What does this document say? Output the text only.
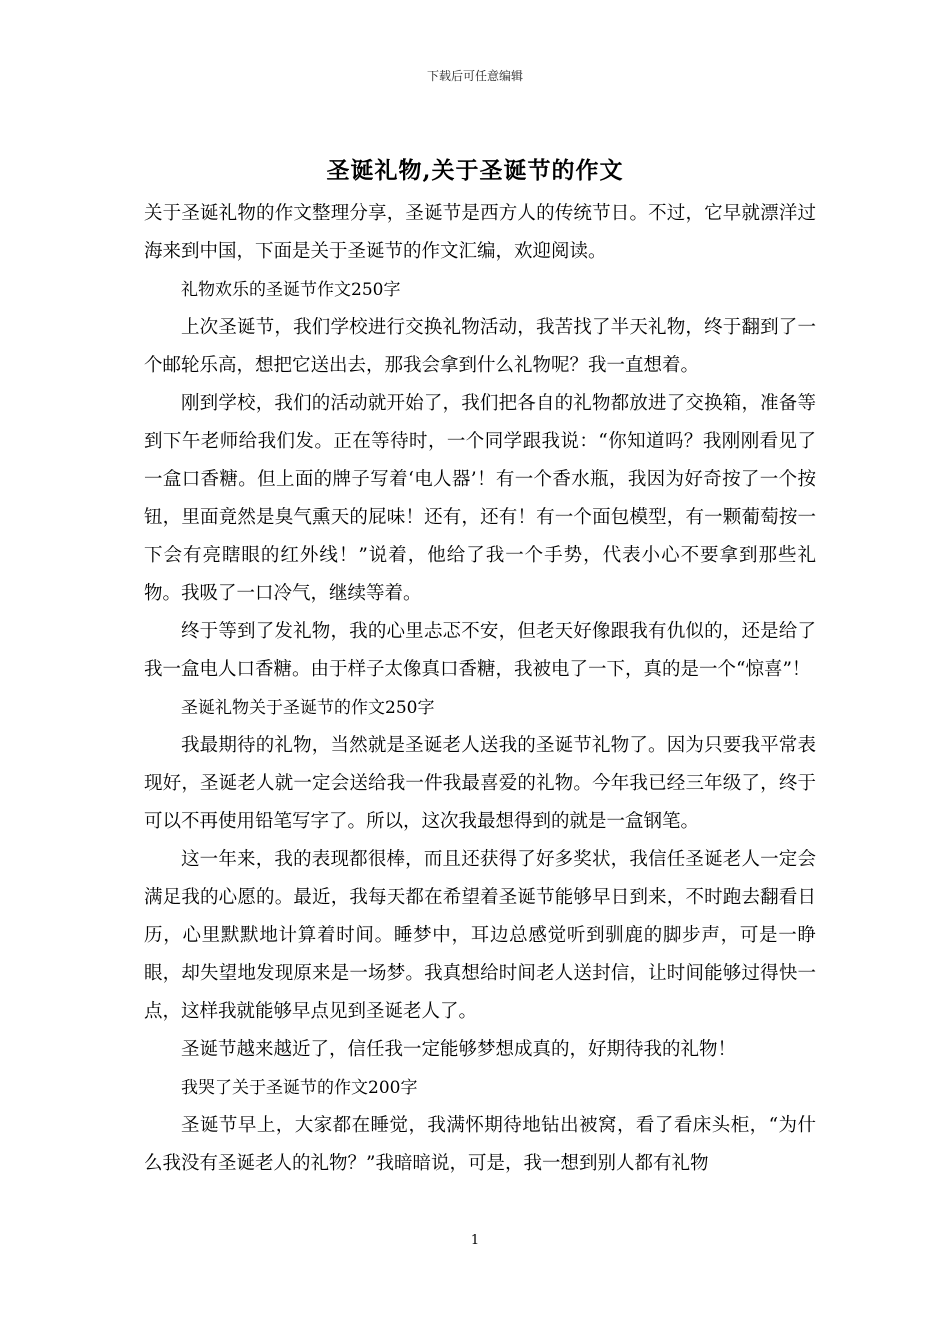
下载后可任意编辑
圣诞礼物,关于圣诞节的作文

关于圣诞礼物的作文整理分享，圣诞节是西方人的传统节日。不过，它早就漂洋过海来到中国，下面是关于圣诞节的作文汇编，欢迎阅读。

礼物欢乐的圣诞节作文250字

上次圣诞节，我们学校进行交换礼物活动，我苦找了半天礼物，终于翻到了一个邮轮乐高，想把它送出去，那我会拿到什么礼物呢？我一直想着。

刚到学校，我们的活动就开始了，我们把各自的礼物都放进了交换箱，准备等到下午老师给我们发。正在等待时，一个同学跟我说：“你知道吗？我刚刚看见了一盒口香糖。但上面的牌子写着‘电人器’！有一个香水瓶，我因为好奇按了一个按钮，里面竟然是臭气熏天的屁味！还有，还有！有一个面包模型，有一颗葡萄按一下会有亮瞎眼的红外线！”说着，他给了我一个手势，代表小心不要拿到那些礼物。我吸了一口冷气，继续等着。

终于等到了发礼物，我的心里忐忑不安，但老天好像跟我有仇似的，还是给了我一盒电人口香糖。由于样子太像真口香糖，我被电了一下，真的是一个“惊喜”！

圣诞礼物关于圣诞节的作文250字

我最期待的礼物，当然就是圣诞老人送我的圣诞节礼物了。因为只要我平常表现好，圣诞老人就一定会送给我一件我最喜爱的礼物。今年我已经三年级了，终于可以不再使用铅笔写字了。所以，这次我最想得到的就是一盒钢笔。

这一年来，我的表现都很棒，而且还获得了好多奖状，我信任圣诞老人一定会满足我的心愿的。最近，我每天都在希望着圣诞节能够早日到来，不时跑去翻看日历，心里默默地计算着时间。睡梦中，耳边总感觉听到驯鹿的脚步声，可是一睁眼，却失望地发现原来是一场梦。我真想给时间老人送封信，让时间能够过得快一点，这样我就能够早点见到圣诞老人了。

圣诞节越来越近了，信任我一定能够梦想成真的，好期待我的礼物！

我哭了关于圣诞节的作文200字

圣诞节早上，大家都在睡觉，我满怀期待地钻出被窝，看了看床头柜，“为什么我没有圣诞老人的礼物？”我暗暗说，可是，我一想到别人都有礼物

1
